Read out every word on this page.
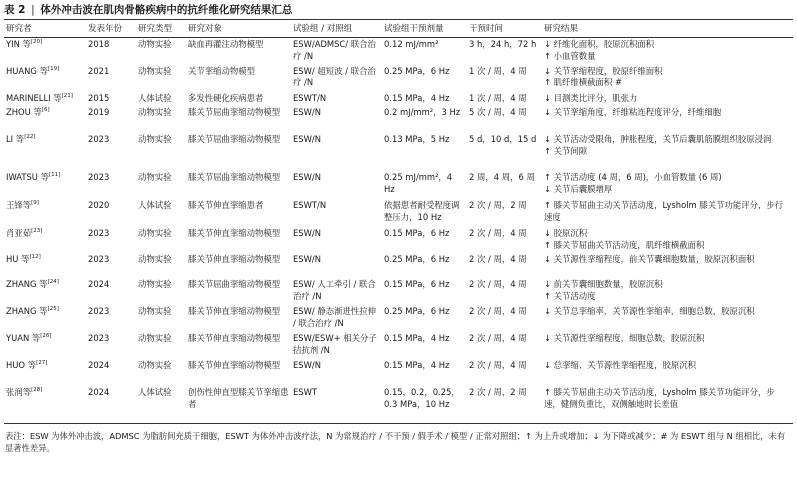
表 2 | 体外冲击波在肌肉骨骼疾病中的抗纤维化研究结果汇总
研究者	发表年份	研究类型	研究对象	试验组 / 对照组	试验组干预剂量	干预时间	研究结果
YIN 等[20]	2018	动物实验	缺血再灌注动物模型	ESW/ADMSC/ 联合治疗 /N	0.12 mJ/mm²	3 h，24 h，72 h	↓ 纤维化面积，胶原沉积面积
↑ 小血管数量

HUANG 等[19]	2021	动物实验	关节挛缩动物模型	ESW/ 超短波 / 联合治疗 /N	0.25 MPa，6 Hz	1 次 / 周，4 周	↓ 关节挛缩程度，胶原纤维面积
↑ 肌纤维横截面积 #

MARINELLI 等[21]	2015	人体试验	多发性硬化疾病患者	ESWT/N	0.15 MPa，4 Hz	1 次 / 周，4 周	↓ 目测类比评分，肌张力

ZHOU 等[6]	2019	动物实验	膝关节屈曲挛缩动物模型	ESW/N	0.2 mJ/mm²，3 Hz	5 次 / 周，4 周	↓ 关节挛缩角度，纤维粘连程度评分，纤维细胞

LI 等[22]	2023	动物实验	膝关节屈曲挛缩动物模型	ESW/N	0.13 MPa，5 Hz	5 d，10 d，15 d	↓ 关节活动受限角，肿胀程度，关节后囊肌筋膜组织胶原浸润
↑ 关节间隙

IWATSU 等[11]	2023	动物实验	膝关节屈曲挛缩动物模型	ESW/N	0.25 mJ/mm²，4 Hz	2 周，4 周，6 周	↑ 关节活动度 (4 周，6 周)，小血管数量 (6 周)
↓ 关节后囊膜增厚

王锋等[9]	2020	人体试验	膝关节伸直挛缩患者	ESWT/N	依据患者耐受程度调整压力，10 Hz	2 次 / 周，2 周	↑ 膝关节屈曲主动关节活动度，Lysholm 膝关节功能评分，步行速度

肖亚茹[23]	2023	动物实验	膝关节伸直挛缩动物模型	ESW/N	0.15 MPa，6 Hz	2 次 / 周，4 周	↓ 胶原沉积
↑ 膝关节屈曲关节活动度，肌纤维横截面积

HU 等[12]	2023	动物实验	膝关节伸直挛缩动物模型	ESW/N	0.25 MPa，6 Hz	2 次 / 周，4 周	↓ 关节源性挛缩程度，前关节囊细胞数量，胶原沉积面积

ZHANG 等[24]	2024	动物实验	膝关节屈曲挛缩动物模型	ESW/ 人工牵引 / 联合治疗 /N	0.15 MPa，6 Hz	2 次 / 周，4 周	↓ 前关节囊细胞数量，胶原沉积
↑ 关节活动度

ZHANG 等[25]	2023	动物实验	膝关节伸直挛缩动物模型	ESW/ 静态渐进性拉伸 / 联合治疗 /N	0.25 MPa，6 Hz	2 次 / 周，4 周	↓ 关节总挛缩率，关节源性挛缩率，细胞总数，胶原沉积

YUAN 等[26]	2023	动物实验	膝关节伸直挛缩动物模型	ESW/ESW+ 相关分子拮抗剂 /N	0.15 MPa，4 Hz	2 次 / 周，4 周	↓ 关节源性挛缩程度，细胞总数，胶原沉积

HUO 等[27]	2024	动物实验	膝关节伸直挛缩动物模型	ESW/N	0.15 MPa，4 Hz	2 次 / 周，4 周	↓ 总挛缩、关节源性挛缩程度，胶原沉积

张润等[28]	2024	人体试验	创伤性伸直型膝关节挛缩患者	ESWT	0.15，0.2，0.25，0.3 MPa，10 Hz	2 次 / 周，2 周	↑ 膝关节屈曲主动关节活动度，Lysholm 膝关节功能评分，步速，健侧负重比，双侧触地时长差值
表注：ESW 为体外冲击波，ADMSC 为脂肪间充质干细胞，ESWT 为体外冲击波疗法，N 为常规治疗 / 不干预 / 假手术 / 模型 / 正常对照组；↑ 为上升或增加；↓ 为下降或减少；# 为 ESWT 组与 N 组相比，未有显著性差异。
